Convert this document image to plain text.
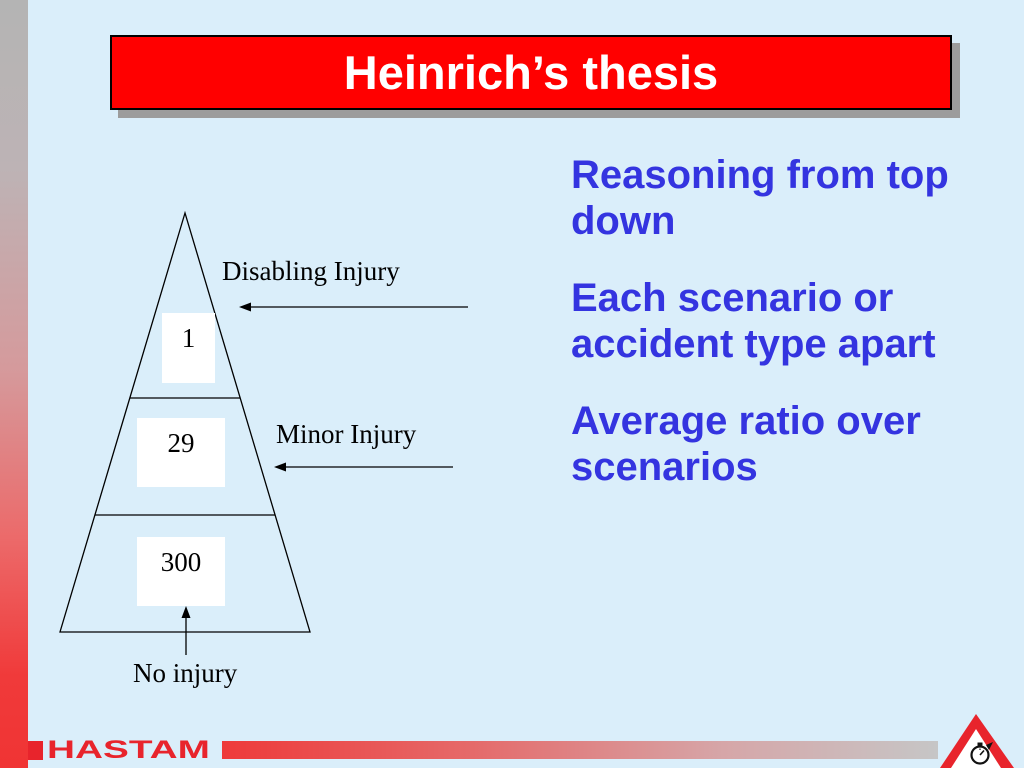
Heinrich’s thesis
1
29
300
Disabling Injury
Minor Injury
No injury

Reasoning from top down

Each scenario or accident type apart

Average ratio over scenarios

HASTAM
